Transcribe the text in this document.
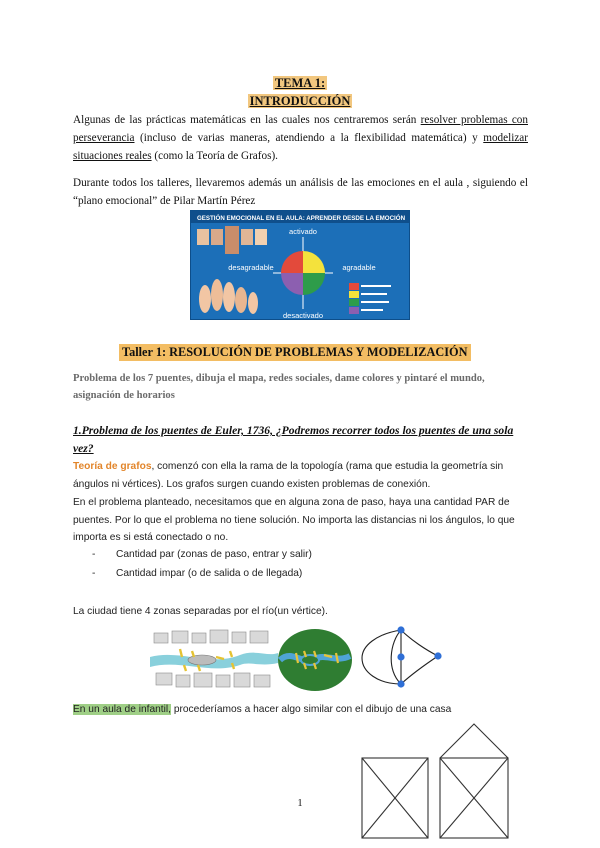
TEMA 1:
INTRODUCCIÓN

Algunas de las prácticas matemáticas en las cuales nos centraremos serán resolver problemas con perseverancia (incluso de varias maneras, atendiendo a la flexibilidad matemática) y modelizar situaciones reales (como la Teoría de Grafos).

Durante todos los talleres, llevaremos además un análisis de las emociones en el aula , siguiendo el “plano emocional” de Pilar Martín Pérez

GESTIÓN EMOCIONAL EN EL AULA: APRENDER DESDE LA EMOCIÓN
activado
desactivado
desagradable	agradable
Taller 1: RESOLUCIÓN DE PROBLEMAS Y MODELIZACIÓN

Problema de los 7 puentes, dibuja el mapa, redes sociales, dame colores y pintaré el mundo, asignación de horarios

1.Problema de los puentes de Euler, 1736, ¿Podremos recorrer todos los puentes de una sola vez?

Teoría de grafos, comenzó con ella la rama de la topología (rama que estudia la geometría sin ángulos ni vértices). Los grafos surgen cuando existen problemas de conexión.

En el problema planteado, necesitamos que en alguna zona de paso, haya una cantidad PAR de puentes. Por lo que el problema no tiene solución. No importa las distancias ni los ángulos, lo que importa es si está conectado o no.

- Cantidad par (zonas de paso, entrar y salir)
- Cantidad impar (o de salida o de llegada)

La ciudad tiene 4 zonas separadas por el río(un vértice).

En un aula de infantil, procederíamos a hacer algo similar con el dibujo de una casa

1
